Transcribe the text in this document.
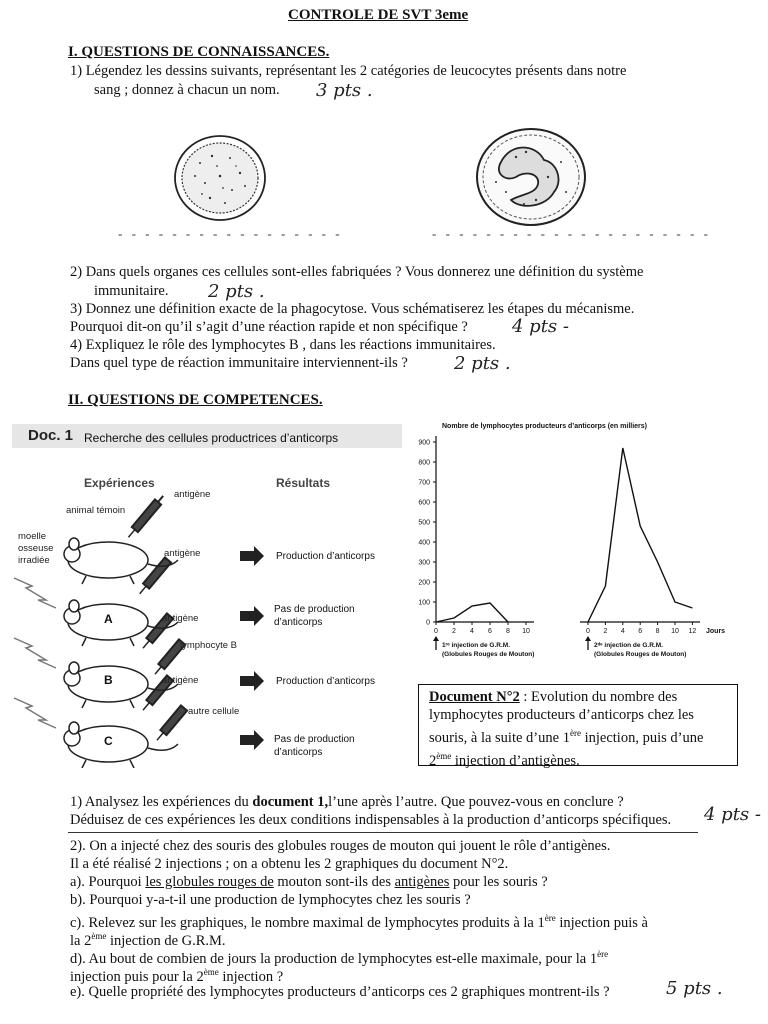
CONTROLE DE SVT 3eme
I. QUESTIONS DE CONNAISSANCES.
1) Légendez les dessins suivants, représentant les 2 catégories de leucocytes présents dans notre
sang ; donnez à chacun un nom. 3 pts .
- - - - - - - - - - - - - - - - -	- - - - - - - - - - - - - - - - - - - - -
2) Dans quels organes ces cellules sont-elles fabriquées ? Vous donnerez une définition du système
immunitaire. 2 pts .
3) Donnez une définition exacte de la phagocytose. Vous schématiserez les étapes du mécanisme.
Pourquoi dit-on qu’il s’agit d’une réaction rapide et non spécifique ? 4 pts -
4) Expliquez le rôle des lymphocytes B , dans les réactions immunitaires.
Dans quel type de réaction immunitaire interviennent-ils ?	2 pts .
II. QUESTIONS DE COMPETENCES.
Doc. 1 Recherche des cellules productrices d’anticorps
Expériences	Résultats
antigène
animal témoin
moelle
osseuse
irradiée
antigène
antigène
lymphocyte B
antigène
autre cellule
A
B
C
Production d’anticorps
Pas de production
d’anticorps
Production d’anticorps
Pas de production
d’anticorps
Nombre de lymphocytes producteurs d’anticorps (en milliers)
0
100
200
300
400
500
600
700
800
900
0 2 4 6 8 10	0 2 4 6 8 10 12 Jours
1ʳᵉ injection de G.R.M.
(Globules Rouges de Mouton)
2ᵈᵉ injection de G.R.M.
(Globules Rouges de Mouton)
Document N°2 : Evolution du nombre des
lymphocytes producteurs d’anticorps chez les
souris, à la suite d’une 1ère injection, puis d’une
2ème injection d’antigènes.
1) Analysez les expériences du document 1,l’une après l’autre. Que pouvez-vous en conclure ?
Déduisez de ces expériences les deux conditions indispensables à la production d’anticorps spécifiques. 4 pts -
2). On a injecté chez des souris des globules rouges de mouton qui jouent le rôle d’antigènes.
Il a été réalisé 2 injections ; on a obtenu les 2 graphiques du document N°2.
a). Pourquoi les globules rouges de mouton sont-ils des antigènes pour les souris ?
b). Pourquoi y-a-t-il une production de lymphocytes chez les souris ?
c). Relevez sur les graphiques, le nombre maximal de lymphocytes produits à la 1ère injection puis à
la 2ème injection de G.R.M.
d). Au bout de combien de jours la production de lymphocytes est-elle maximale, pour la 1ère
injection puis pour la 2ème injection ?
e). Quelle propriété des lymphocytes producteurs d’anticorps ces 2 graphiques montrent-ils ?	5 pts .
